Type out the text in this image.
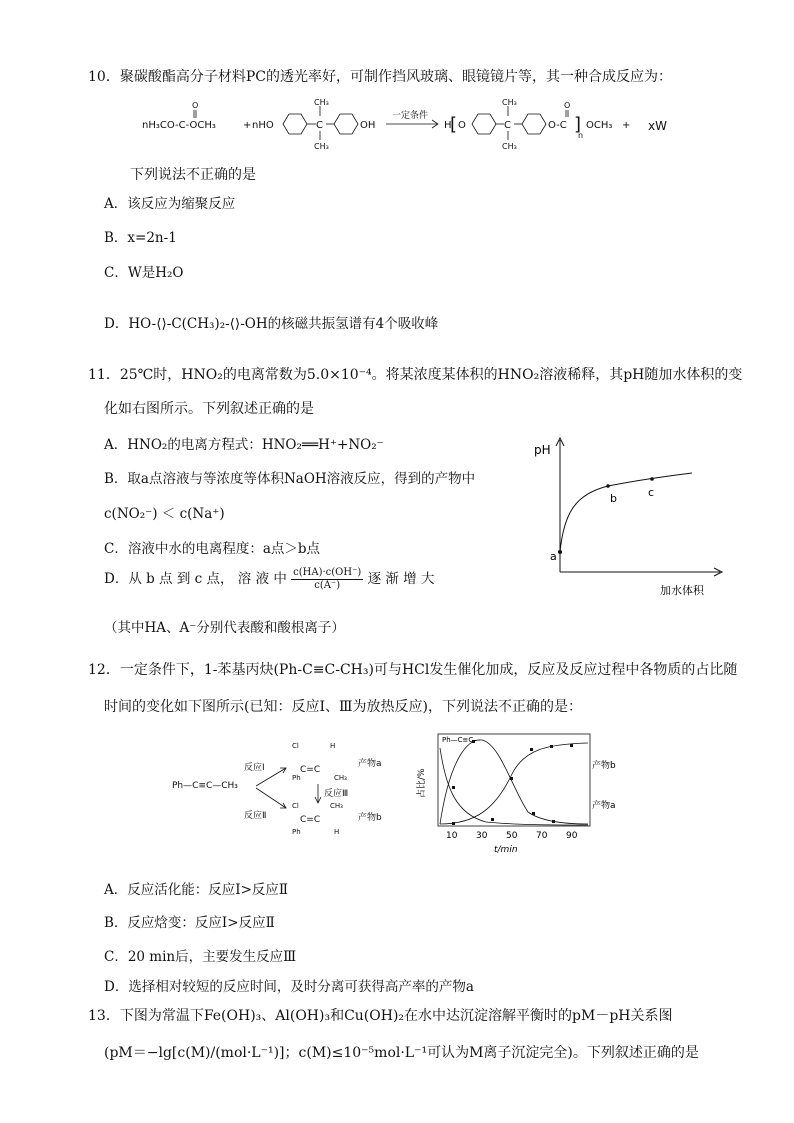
10．聚碳酸酯高分子材料PC的透光率好，可制作挡风玻璃、眼镜镜片等，其一种合成反应为：
nH₃CO-C-OCH₃
O
+ nHO	C
CH₃
CH₃
OH
一定条件
H
[ O	C
CH₃
CH₃
O-C
O
]
n
OCH₃ + xW
下列说法不正确的是
A．该反应为缩聚反应
B．x=2n-1
C．W是H₂O
D．HO-⟨⟩-C(CH₃)₂-⟨⟩-OH的核磁共振氢谱有4个吸收峰
11．25℃时，HNO₂的电离常数为5.0×10⁻⁴。将某浓度某体积的HNO₂溶液稀释，其pH随加水体积的变
化如右图所示。下列叙述正确的是
A．HNO₂的电离方程式：HNO₂══H⁺+NO₂⁻
B．取a点溶液与等浓度等体积NaOH溶液反应，得到的产物中
c(NO₂⁻) ＜ c(Na⁺)
C．溶液中水的电离程度：a点＞b点
D．从 b 点 到 c 点， 溶 液 中 $\frac{c(HA)\cdot c(OH^-)}{c(A^-)}$ 逐 渐 增 大
（其中HA、A⁻分别代表酸和酸根离子）
pH
加水体积
a
b	c
12．一定条件下，1-苯基丙炔(Ph-C≡C-CH₃)可与HCl发生催化加成，反应及反应过程中各物质的占比随
时间的变化如下图所示(已知：反应Ⅰ、Ⅲ为放热反应)，下列说法不正确的是：
Ph—C≡C—CH₃
反应Ⅰ
反应Ⅱ
Cl	H
C=C
Ph	CH₃
产物a
反应Ⅲ
Cl	CH₃
C=C
Ph	H
产物b
Ph—C≡C—
占比/%
产物b
产物a
10 30 50 70 90
t/min
A．反应活化能：反应Ⅰ>反应Ⅱ
B．反应焓变：反应Ⅰ>反应Ⅱ
C．20 min后，主要发生反应Ⅲ
D．选择相对较短的反应时间，及时分离可获得高产率的产物a
13．下图为常温下Fe(OH)₃、Al(OH)₃和Cu(OH)₂在水中达沉淀溶解平衡时的pM－pH关系图
(pM＝−lg[c(M)/(mol·L⁻¹)]；c(M)≤10⁻⁵mol·L⁻¹可认为M离子沉淀完全)。下列叙述正确的是
